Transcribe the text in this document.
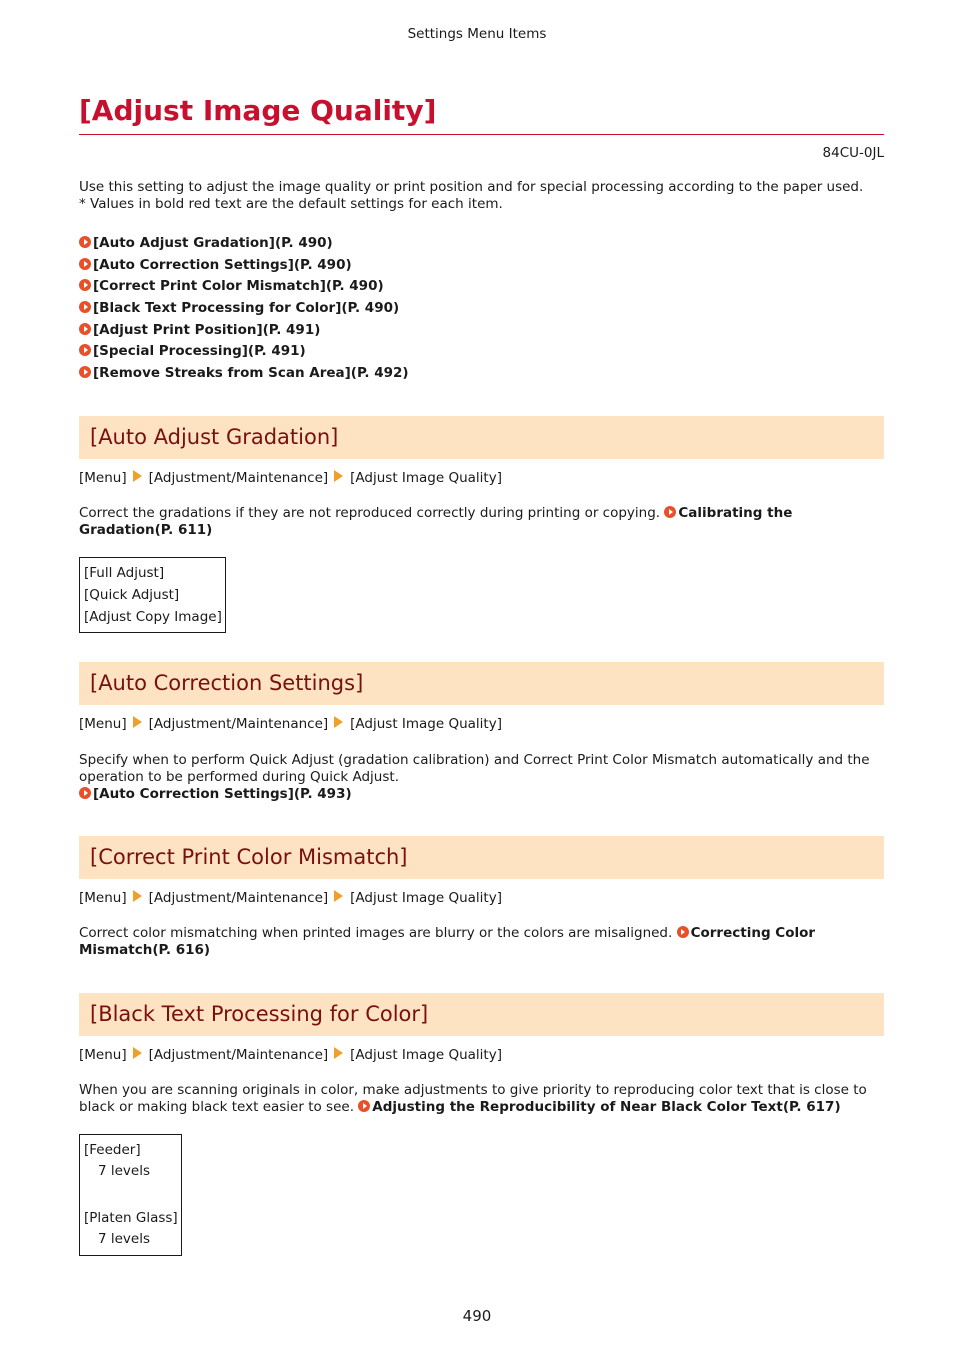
Settings Menu Items
[Adjust Image Quality]
84CU-0JL

Use this setting to adjust the image quality or print position and for special processing according to the paper used.
* Values in bold red text are the default settings for each item.

[Auto Adjust Gradation](P. 490)
[Auto Correction Settings](P. 490)
[Correct Print Color Mismatch](P. 490)
[Black Text Processing for Color](P. 490)
[Adjust Print Position](P. 491)
[Special Processing](P. 491)
[Remove Streaks from Scan Area](P. 492)
[Auto Adjust Gradation]
[Menu] [Adjustment/Maintenance] [Adjust Image Quality]

Correct the gradations if they are not reproduced correctly during printing or copying. Calibrating the
Gradation(P. 611)

[Full Adjust]
[Quick Adjust]
[Adjust Copy Image]
[Auto Correction Settings]
[Menu] [Adjustment/Maintenance] [Adjust Image Quality]

Specify when to perform Quick Adjust (gradation calibration) and Correct Print Color Mismatch automatically and the
operation to be performed during Quick Adjust.
[Auto Correction Settings](P. 493)

[Correct Print Color Mismatch]
[Menu] [Adjustment/Maintenance] [Adjust Image Quality]

Correct color mismatching when printed images are blurry or the colors are misaligned. Correcting Color
Mismatch(P. 616)

[Black Text Processing for Color]
[Menu] [Adjustment/Maintenance] [Adjust Image Quality]

When you are scanning originals in color, make adjustments to give priority to reproducing color text that is close to
black or making black text easier to see. Adjusting the Reproducibility of Near Black Color Text(P. 617)

[Feeder]
7 levels
[Platen Glass]
7 levels
490
